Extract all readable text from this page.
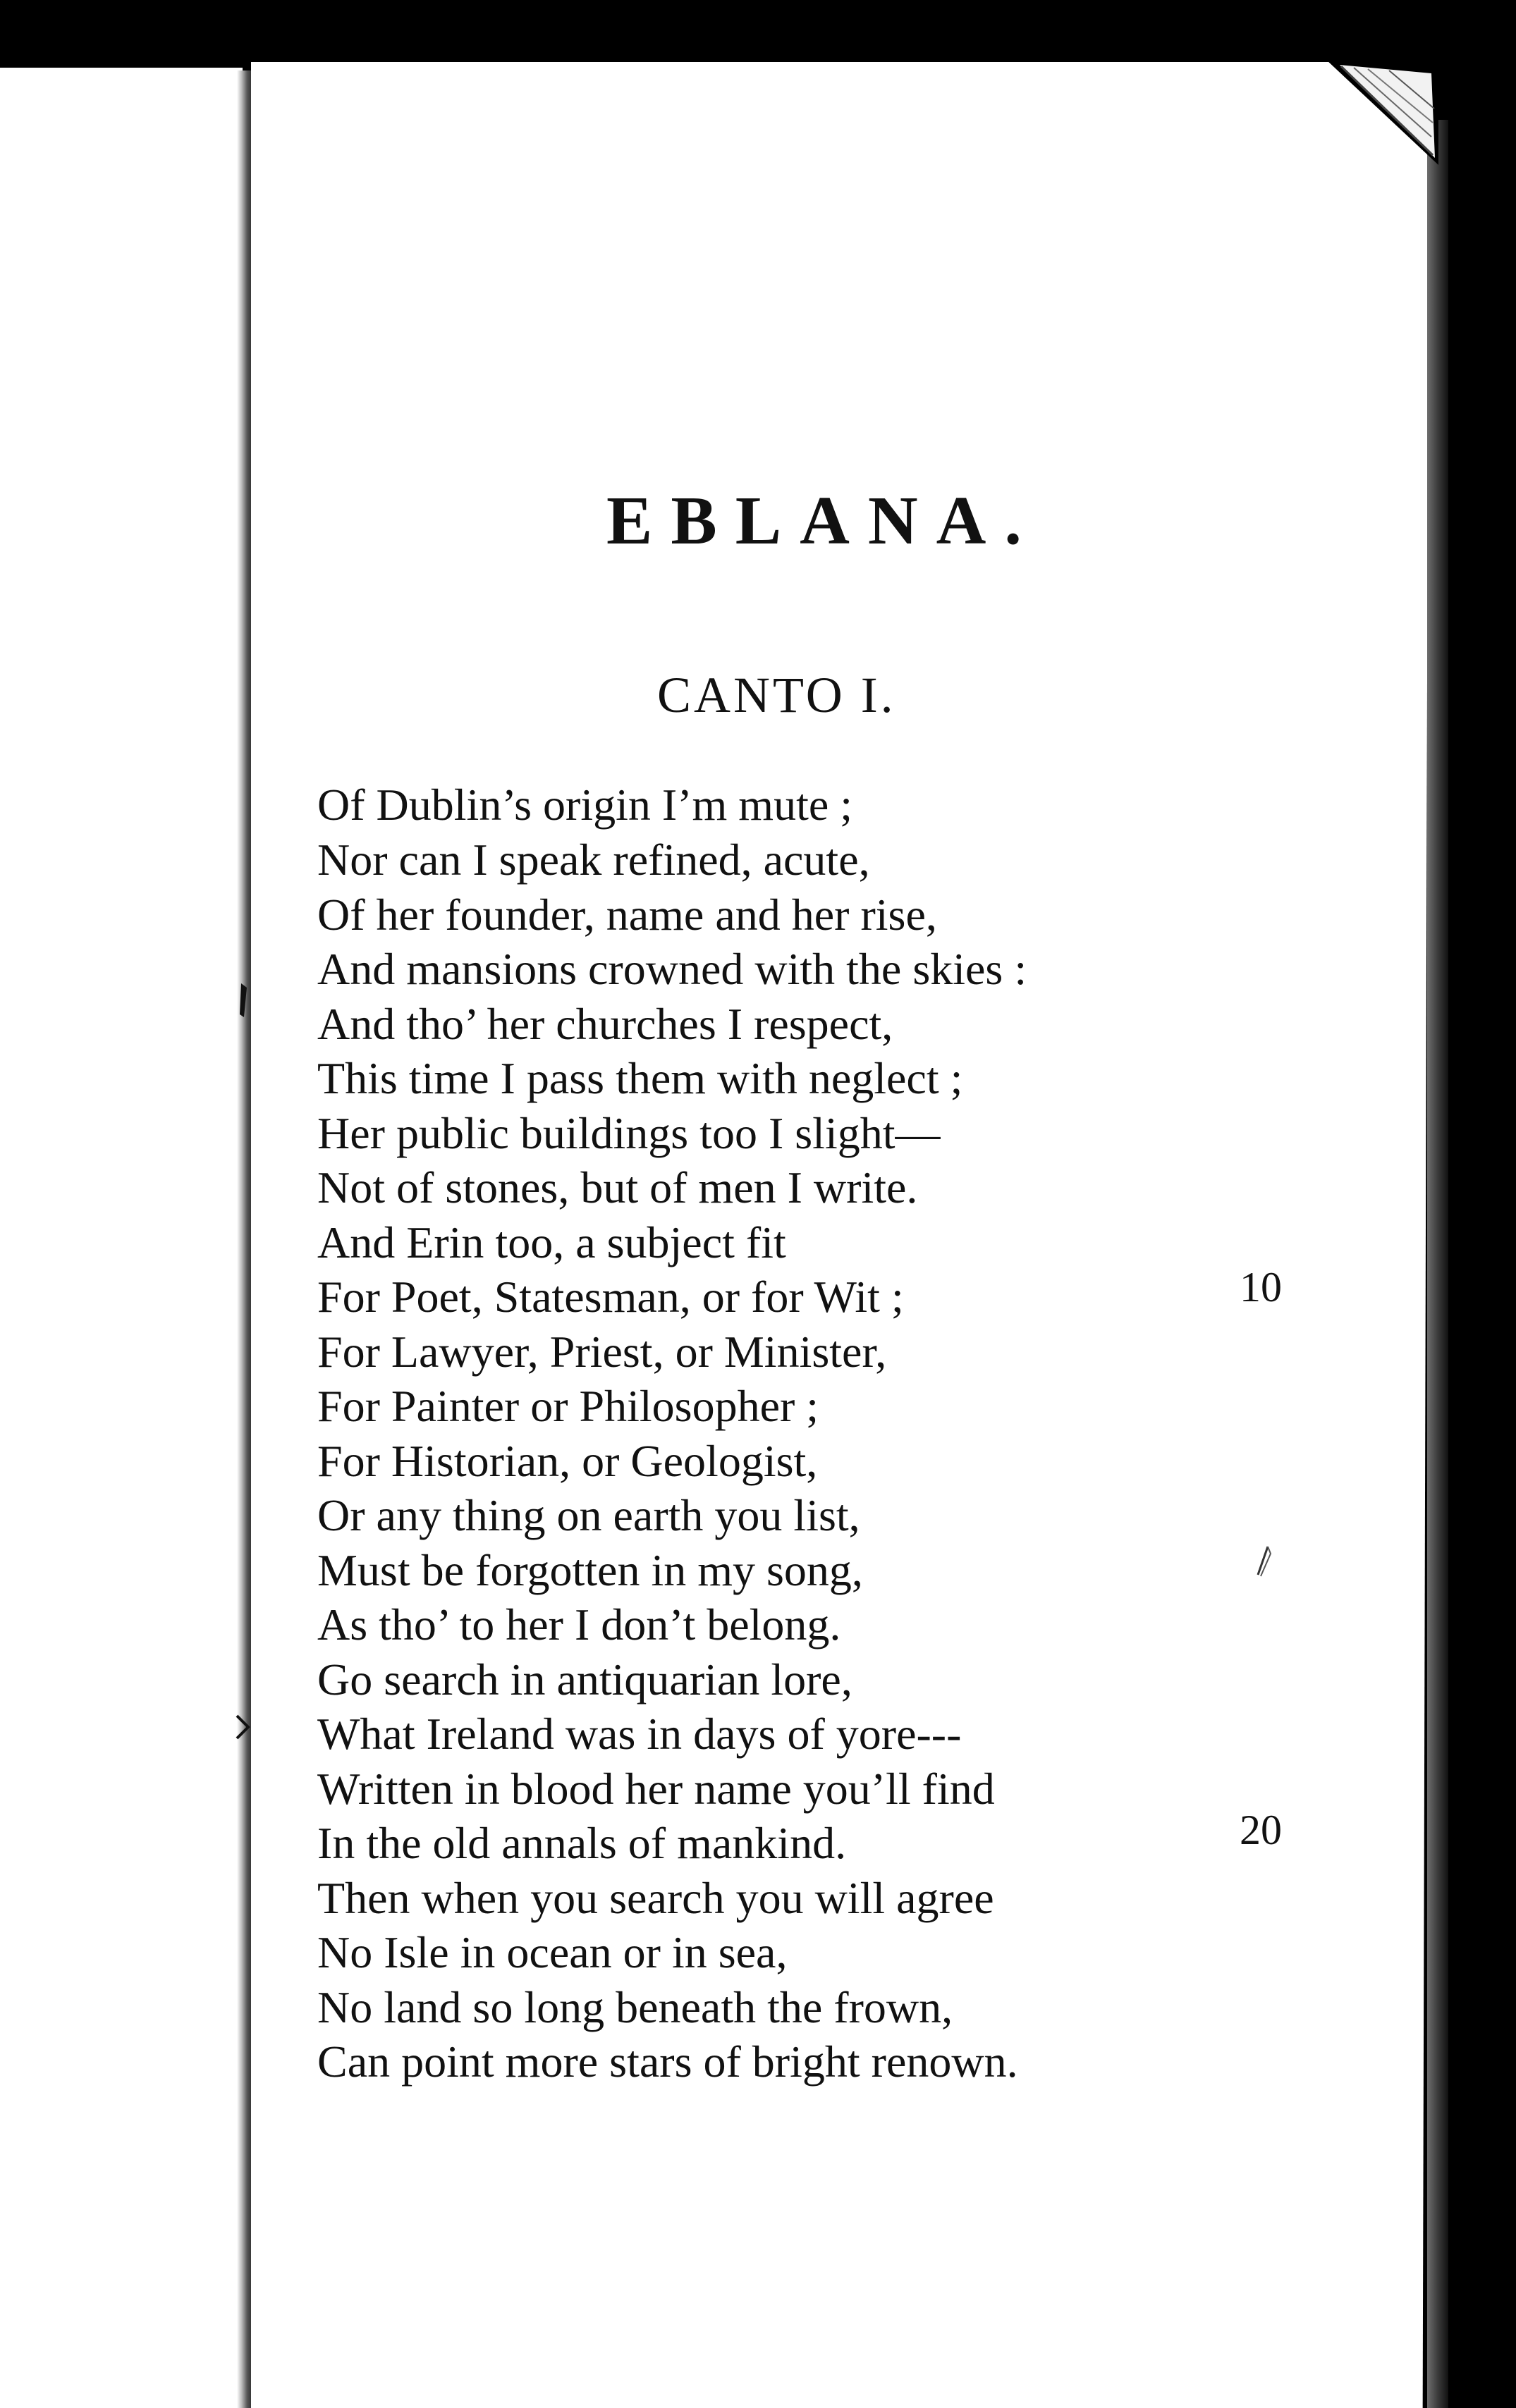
EBLANA.
CANTO I.
Of Dublin’s origin I’m mute ;
Nor can I speak refined, acute,
Of her founder, name and her rise,
And mansions crowned with the skies :
And tho’ her churches I respect,
This time I pass them with neglect ;
Her public buildings too I slight—
Not of stones, but of men I write.
And Erin too, a subject fit
For Poet, Statesman, or for Wit ;
For Lawyer, Priest, or Minister,
For Painter or Philosopher ;
For Historian, or Geologist,
Or any thing on earth you list,
Must be forgotten in my song,
As tho’ to her I don’t belong.
Go search in antiquarian lore,
What Ireland was in days of yore---
Written in blood her name you’ll find
In the old annals of mankind.
Then when you search you will agree
No Isle in ocean or in sea,
No land so long beneath the frown,
Can point more stars of bright renown.
10
20
